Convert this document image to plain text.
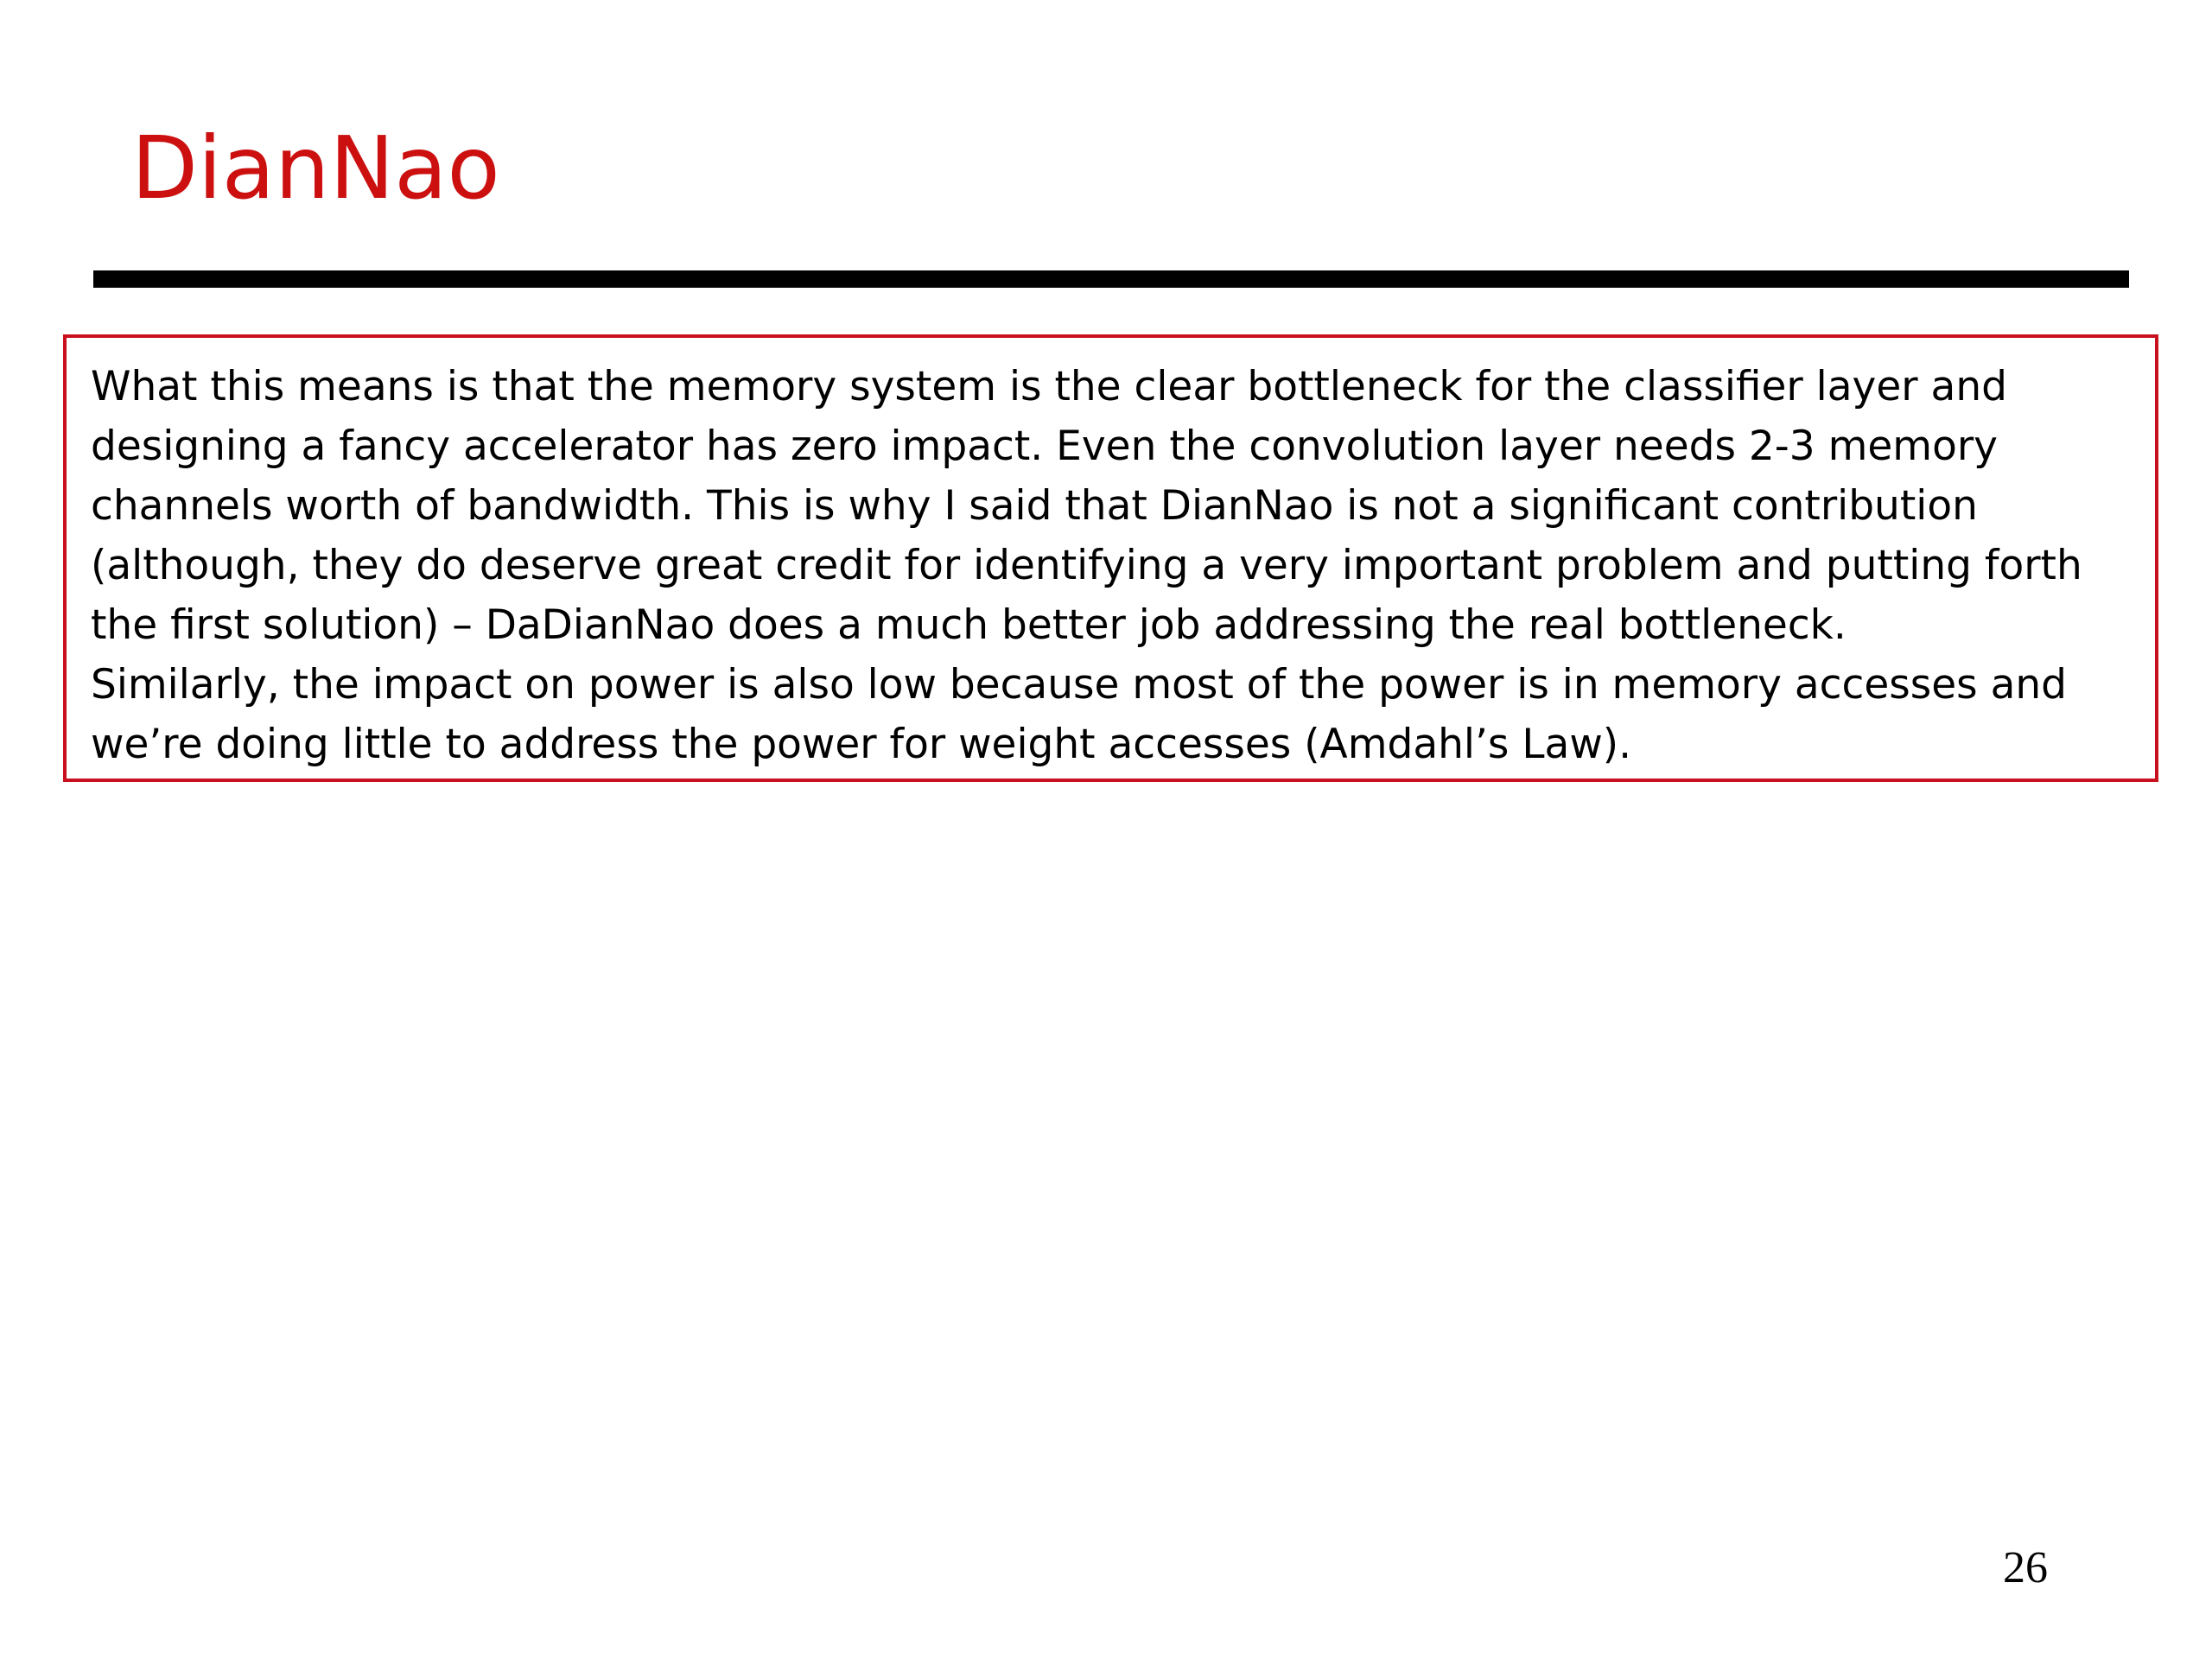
DianNao
What this means is that the memory system is the clear bottleneck for the classifier layer and
designing a fancy accelerator has zero impact. Even the convolution layer needs 2-3 memory
channels worth of bandwidth. This is why I said that DianNao is not a significant contribution
(although, they do deserve great credit for identifying a very important problem and putting forth
the first solution) – DaDianNao does a much better job addressing the real bottleneck.
Similarly, the impact on power is also low because most of the power is in memory accesses and
we’re doing little to address the power for weight accesses (Amdahl’s Law).
26
